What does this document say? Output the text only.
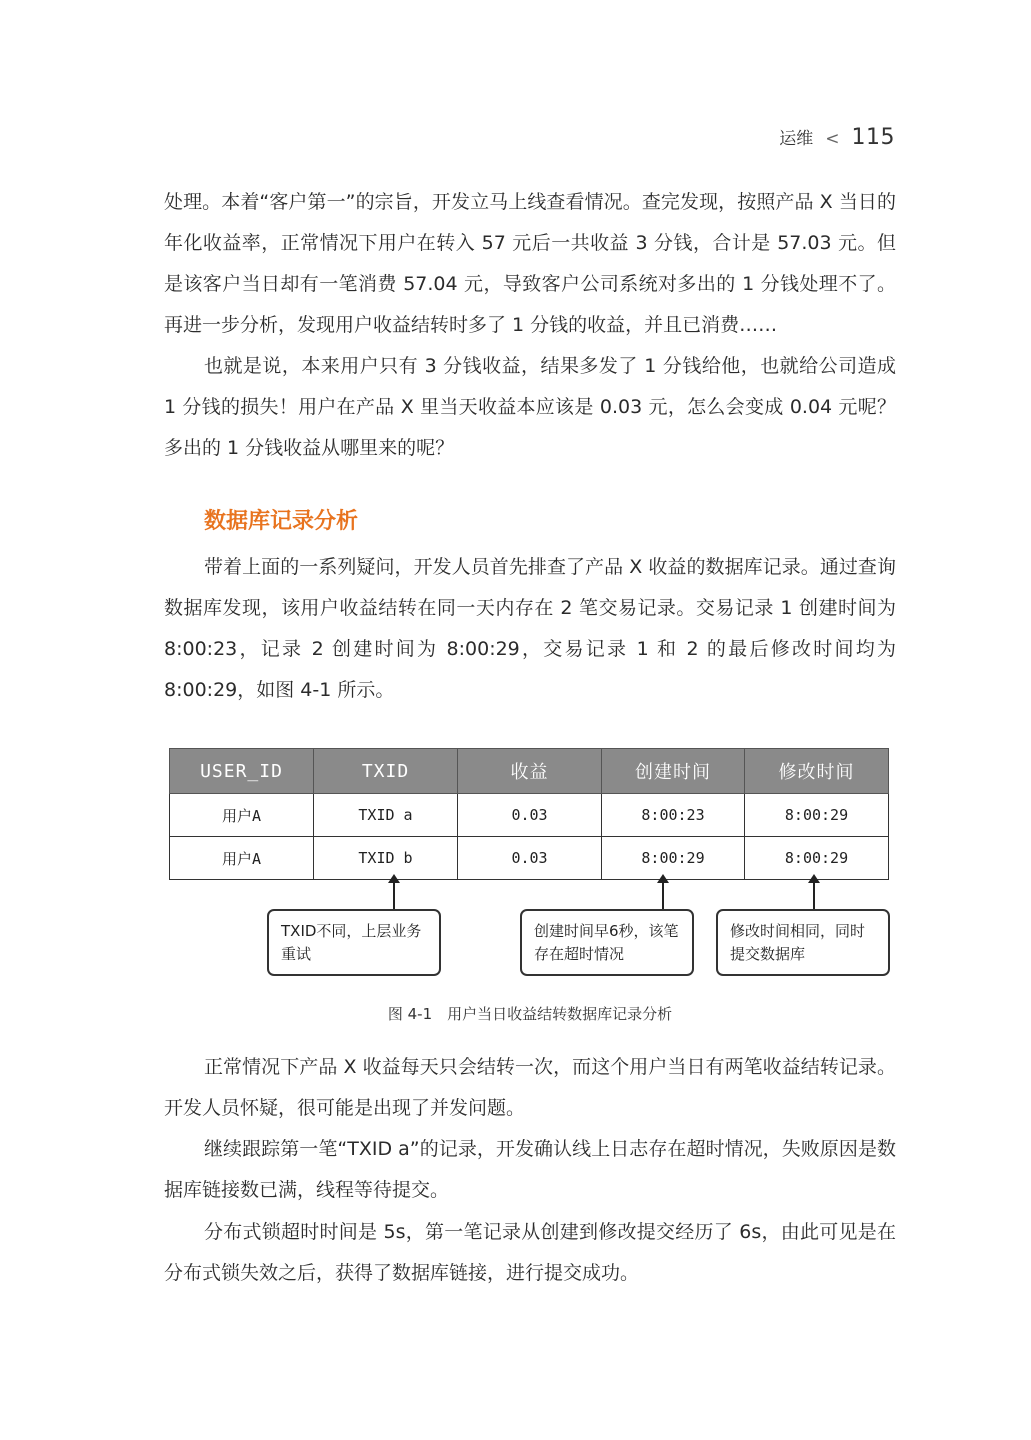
运维 < 115

处理。本着“客户第一”的宗旨，开发立马上线查看情况。查完发现，按照产品 X 当日的年化收益率，正常情况下用户在转入 57 元后一共收益 3 分钱，合计是 57.03 元。但是该客户当日却有一笔消费 57.04 元，导致客户公司系统对多出的 1 分钱处理不了。再进一步分析，发现用户收益结转时多了 1 分钱的收益，并且已消费……

也就是说，本来用户只有 3 分钱收益，结果多发了 1 分钱给他，也就给公司造成 1 分钱的损失！用户在产品 X 里当天收益本应该是 0.03 元，怎么会变成 0.04 元呢？多出的 1 分钱收益从哪里来的呢？

数据库记录分析

带着上面的一系列疑问，开发人员首先排查了产品 X 收益的数据库记录。通过查询数据库发现，该用户收益结转在同一天内存在 2 笔交易记录。交易记录 1 创建时间为 8:00:23，记录 2 创建时间为 8:00:29，交易记录 1 和 2 的最后修改时间均为 8:00:29，如图 4-1 所示。

USER_ID	TXID	收益	创建时间	修改时间
用户A	TXID a	0.03	8:00:23	8:00:29
用户A	TXID b	0.03	8:00:29	8:00:29
TXID不同，上层业务重试
创建时间早6秒，该笔存在超时情况
修改时间相同，同时提交数据库
图 4-1　用户当日收益结转数据库记录分析

正常情况下产品 X 收益每天只会结转一次，而这个用户当日有两笔收益结转记录。开发人员怀疑，很可能是出现了并发问题。

继续跟踪第一笔“TXID a”的记录，开发确认线上日志存在超时情况，失败原因是数据库链接数已满，线程等待提交。

分布式锁超时时间是 5s，第一笔记录从创建到修改提交经历了 6s，由此可见是在分布式锁失效之后，获得了数据库链接，进行提交成功。
